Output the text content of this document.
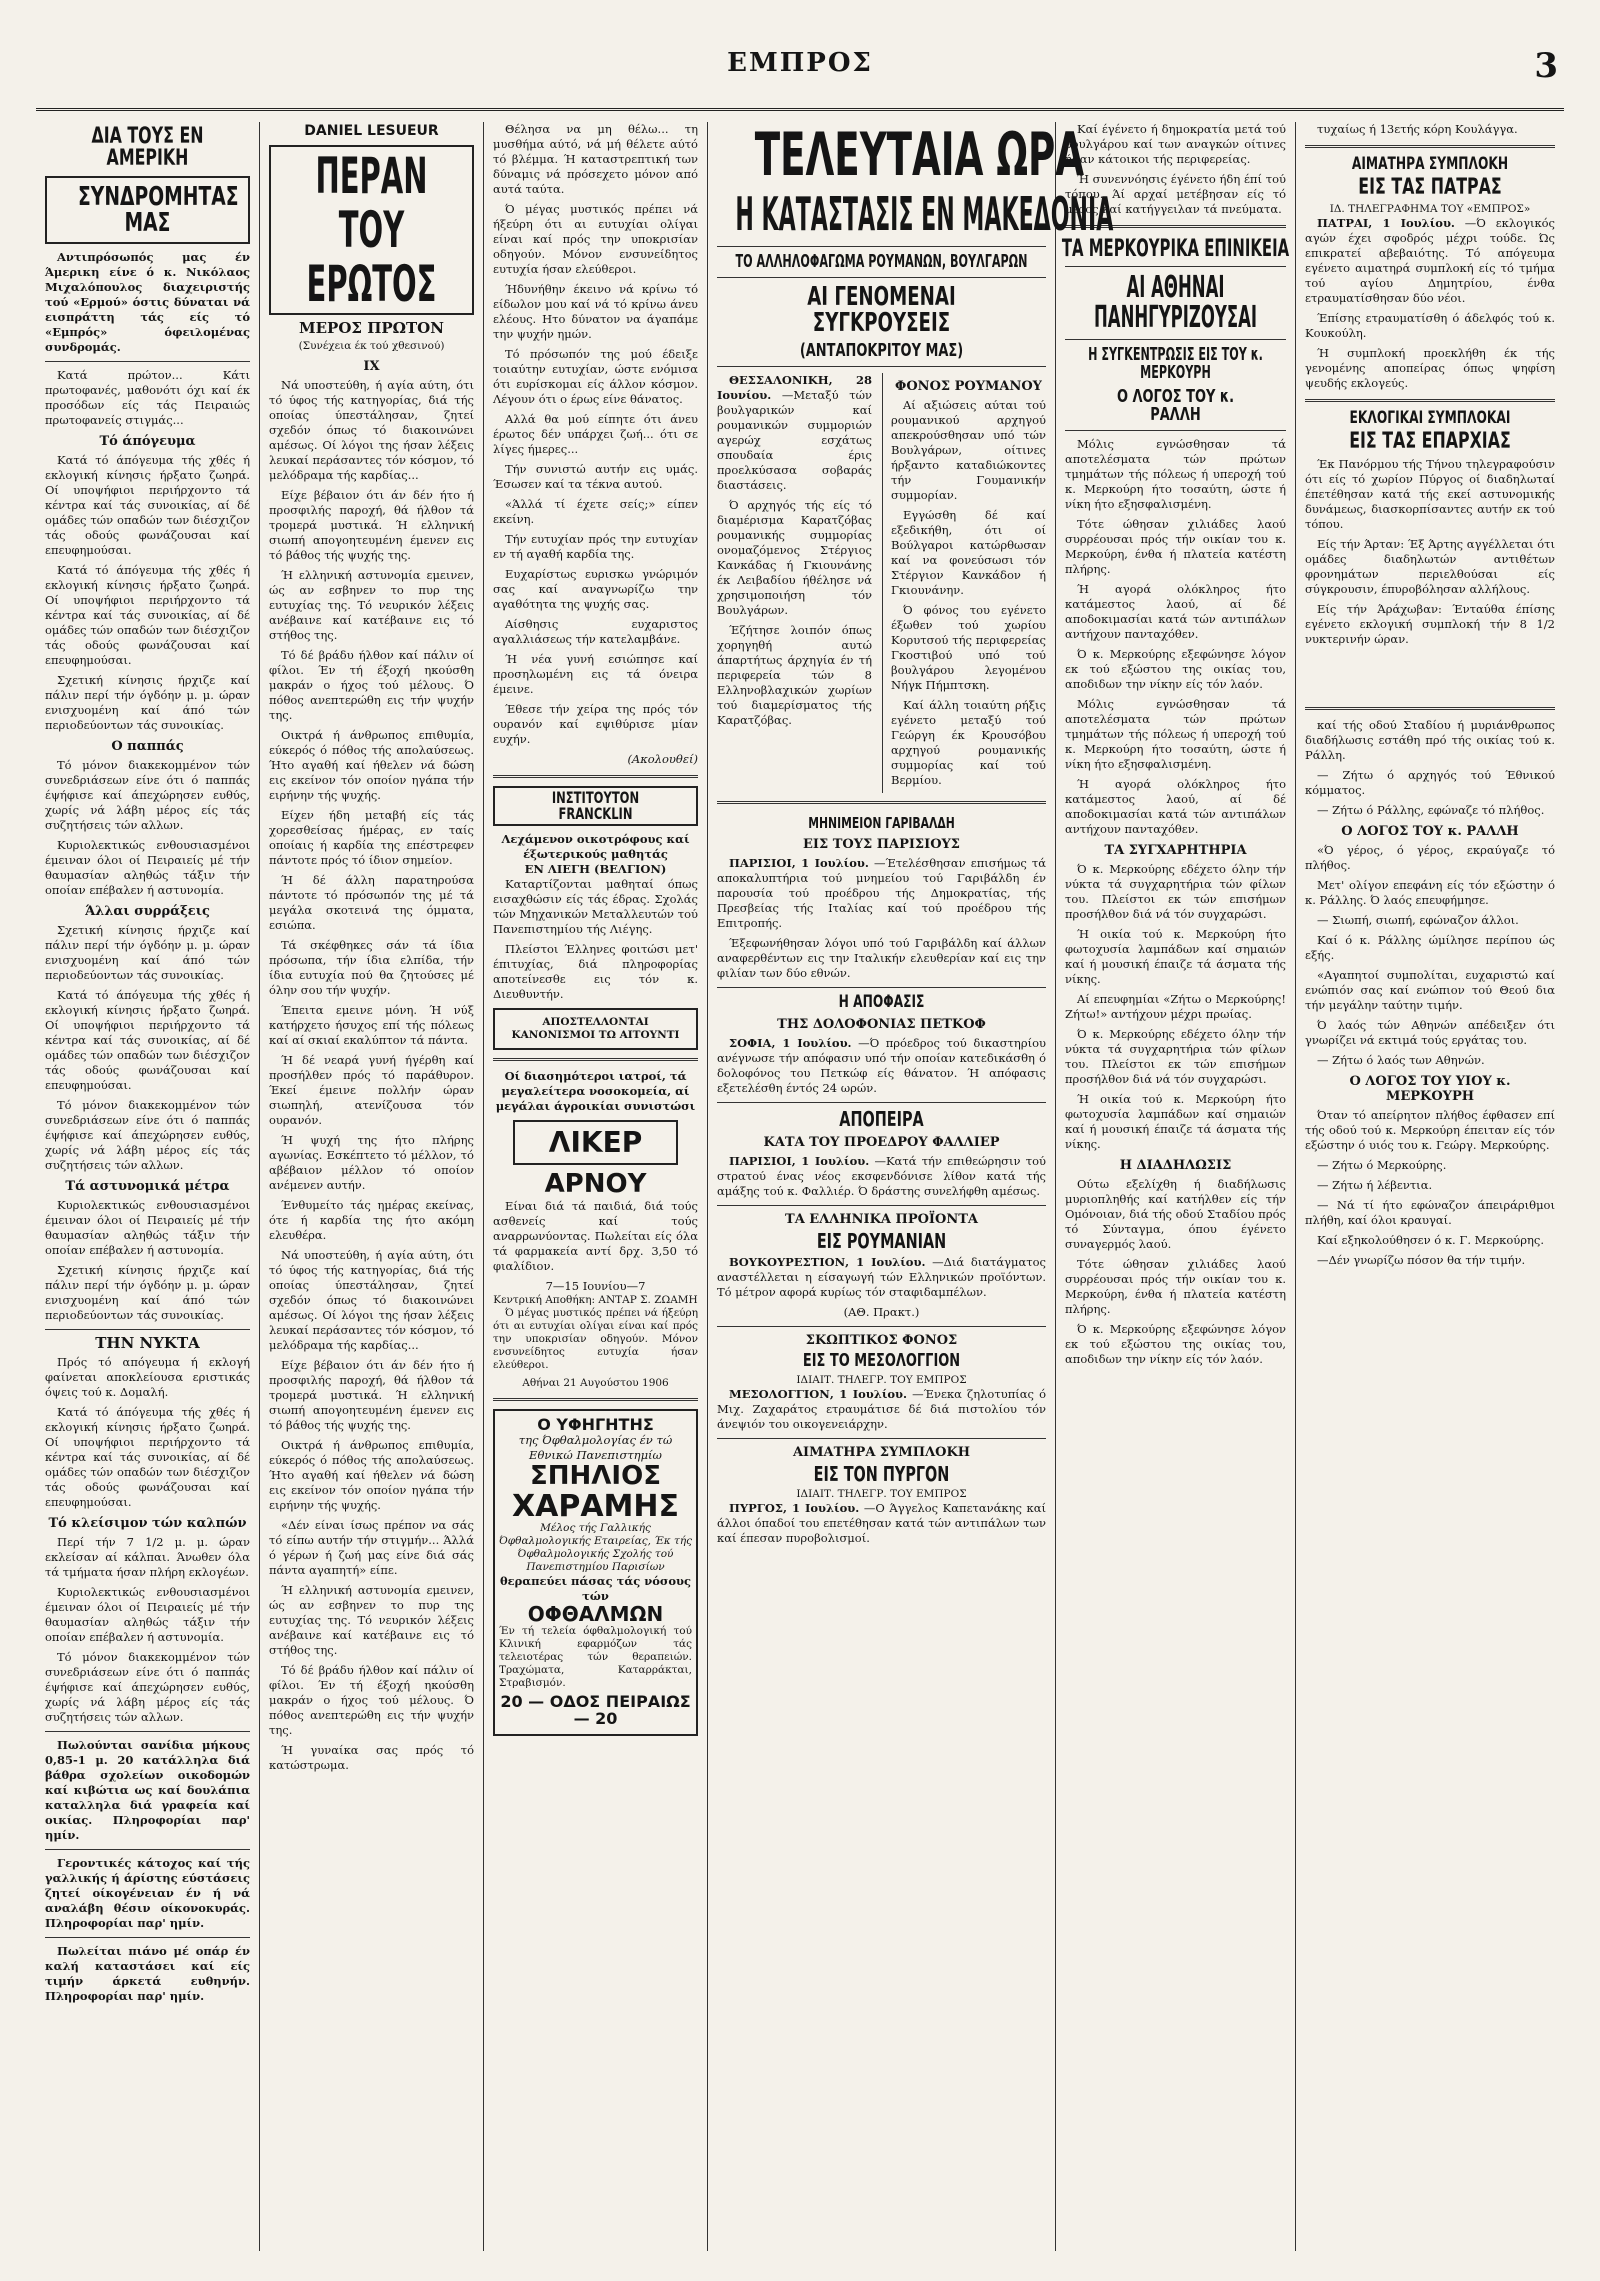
ΕΜΠΡΟΣ	3
ΔΙΑ ΤΟΥΣ ΕΝ ΑΜΕΡΙΚΗ
ΣΥΝΔΡΟΜΗΤΑΣ ΜΑΣ

Αντιπρόσωπός μας έν Άμερικη είνε ό κ. Νικόλαος Μιχαλόπουλος διαχειριστής τού «Ερμού» όστις δύναται νά εισπράττη τάς είς τό «Εμπρός» όφειλομένας συνδρομάς.

Κατά πρώτον... Κάτι πρωτοφανές, μαθονότι όχι καί έκ προσόδων είς τάς Πειραιώς πρωτοφανείς στιγμάς...

Τό άπόγευμα

Κατά τό άπόγευμα τής χθές ή εκλογική κίνησις ήρξατο ζωηρά. Οί υποψήφιοι περιήρχοντο τά κέντρα καί τάς συνοικίας, αί δέ ομάδες τών οπαδών των διέσχιζον τάς οδούς φωνάζουσαι καί επευφημούσαι.

Κατά τό άπόγευμα τής χθές ή εκλογική κίνησις ήρξατο ζωηρά. Οί υποψήφιοι περιήρχοντο τά κέντρα καί τάς συνοικίας, αί δέ ομάδες τών οπαδών των διέσχιζον τάς οδούς φωνάζουσαι καί επευφημούσαι.

Σχετική κίνησις ήρχιζε καί πάλιν περί τήν όγδόην μ. μ. ώραν ενισχυομένη καί άπό τών περιοδεύοντων τάς συνοικίας.

Ο παππάς

Τό μόνον διακεκομμένον τών συνεδριάσεων είνε ότι ό παππάς έψήφισε καί άπεχώρησεν ευθύς, χωρίς νά λάβη μέρος είς τάς συζητήσεις τών αλλων.

Κυριολεκτικώς ενθουσιασμένοι έμειναν όλοι οί Πειραιείς μέ τήν θαυμασίαν αληθώς τάξιν τήν οποίαν επέβαλεν ή αστυνομία.

Άλλαι συρράξεις

Σχετική κίνησις ήρχιζε καί πάλιν περί τήν όγδόην μ. μ. ώραν ενισχυομένη καί άπό τών περιοδεύοντων τάς συνοικίας.

Κατά τό άπόγευμα τής χθές ή εκλογική κίνησις ήρξατο ζωηρά. Οί υποψήφιοι περιήρχοντο τά κέντρα καί τάς συνοικίας, αί δέ ομάδες τών οπαδών των διέσχιζον τάς οδούς φωνάζουσαι καί επευφημούσαι.

Τό μόνον διακεκομμένον τών συνεδριάσεων είνε ότι ό παππάς έψήφισε καί άπεχώρησεν ευθύς, χωρίς νά λάβη μέρος είς τάς συζητήσεις τών αλλων.

Τά αστυνομικά μέτρα

Κυριολεκτικώς ενθουσιασμένοι έμειναν όλοι οί Πειραιείς μέ τήν θαυμασίαν αληθώς τάξιν τήν οποίαν επέβαλεν ή αστυνομία.

Σχετική κίνησις ήρχιζε καί πάλιν περί τήν όγδόην μ. μ. ώραν ενισχυομένη καί άπό τών περιοδεύοντων τάς συνοικίας.

ΤΗΝ ΝΥΚΤΑ

Πρός τό απόγευμα ή εκλογή φαίνεται αποκλείουσα εριστικάς όψεις τού κ. Δομαλή.

Κατά τό άπόγευμα τής χθές ή εκλογική κίνησις ήρξατο ζωηρά. Οί υποψήφιοι περιήρχοντο τά κέντρα καί τάς συνοικίας, αί δέ ομάδες τών οπαδών των διέσχιζον τάς οδούς φωνάζουσαι καί επευφημούσαι.

Τό κλείσιμον τών καλπών

Περί τήν 7 1/2 μ. μ. ώραν εκλείσαν αί κάλπαι. Άνωθεν όλα τά τμήματα ήσαν πλήρη εκλογέων.

Κυριολεκτικώς ενθουσιασμένοι έμειναν όλοι οί Πειραιείς μέ τήν θαυμασίαν αληθώς τάξιν τήν οποίαν επέβαλεν ή αστυνομία.

Τό μόνον διακεκομμένον τών συνεδριάσεων είνε ότι ό παππάς έψήφισε καί άπεχώρησεν ευθύς, χωρίς νά λάβη μέρος είς τάς συζητήσεις τών αλλων.

Πωλούνται σανίδια μήκους 0,85-1 μ. 20 κατάλληλα διά βάθρα σχολείων οικοδομών καί κιβώτια ως καί δουλάπια καταλληλα διά γραφεία καί οικίας. Πληροφορίαι παρ' ημίν.

Γεροντικές κάτοχος καί τής γαλλικής ή άρίστης εύστάσεις ζητεί οίκογένειαν έν ή νά αναλάβη θέσιν οίκονοκυράς. Πληροφορίαι παρ' ημίν.

Πωλείται πιάνο μέ οπάρ έν καλή καταστάσει καί είς τιμήν άρκετά ευθηνήν. Πληροφορίαι παρ' ημίν.

DANIEL LESUEUR
ΠΕΡΑΝ ΤΟΥ ΕΡΩΤΟΣ
ΜΕΡΟΣ ΠΡΩΤΟΝ
(Συνέχεια έκ τού χθεσινού)
IX

Νά υποστεύθη, ή αγία αύτη, ότι τό ύφος τής κατηγορίας, διά τής οποίας ύπεστάλησαν, ζητεί σχεδόν όπως τό διακοινώνει αμέσως. Οί λόγοι της ήσαν λέξεις λευκαί περάσαντες τόν κόσμον, τό μελόδραμα τής καρδίας...

Είχε βέβαιον ότι άν δέν ήτο ή προσφιλής παροχή, θά ήλθον τά τρομερά μυστικά. Ή ελληνική σιωπή απογοητευμένη έμενεν εις τό βάθος τής ψυχής της.

Ή ελληνική αστυνομία εμεινεν, ώς αν εσβηνεν το πυρ της ευτυχίας της. Τό νευρικόν λέξεις ανέβαινε καί κατέβαινε εις τό στήθος της.

Τό δέ βράδυ ήλθον καί πάλιν οί φίλοι. Έν τή έξοχή ηκούσθη μακράν ο ήχος τού μέλους. Ό πόθος ανεπτερώθη εις τήν ψυχήν της.

Οικτρά ή άνθρωπος επιθυμία, εύκερός ό πόθος τής απολαύσεως. Ήτο αγαθή καί ήθελεν νά δώση εις εκείνον τόν οποίον ηγάπα τήν ειρήνην τής ψυχής.

Είχεν ήδη μεταβή είς τάς χορεσθείσας ήμέρας, εν ταίς οποίαις ή καρδία της επέστρεφεν πάντοτε πρός τό ίδιον σημείον.

Ή δέ άλλη παρατηρούσα πάντοτε τό πρόσωπόν της μέ τά μεγάλα σκοτεινά της όμματα, εσιώπα.

Τά σκέφθηκες σάν τά ίδια πρόσωπα, τήν ίδια ελπίδα, τήν ίδια ευτυχία πού θα ζητούσες μέ όλην σου τήν ψυχήν.

Έπειτα εμεινε μόνη. Ή νύξ κατήρχετο ήσυχος επί τής πόλεως καί αί σκιαί εκαλύπτον τά πάντα.

Ή δέ νεαρά γυνή ήγέρθη καί προσήλθεν πρός τό παράθυρον. Έκεί έμεινε πολλήν ώραν σιωπηλή, ατενίζουσα τόν ουρανόν.

Ή ψυχή της ήτο πλήρης αγωνίας. Εσκέπτετο τό μέλλον, τό αβέβαιον μέλλον τό οποίον ανέμενεν αυτήν.

Ένθυμείτο τάς ημέρας εκείνας, ότε ή καρδία της ήτο ακόμη ελευθέρα.

Νά υποστεύθη, ή αγία αύτη, ότι τό ύφος τής κατηγορίας, διά τής οποίας ύπεστάλησαν, ζητεί σχεδόν όπως τό διακοινώνει αμέσως. Οί λόγοι της ήσαν λέξεις λευκαί περάσαντες τόν κόσμον, τό μελόδραμα τής καρδίας...

Είχε βέβαιον ότι άν δέν ήτο ή προσφιλής παροχή, θά ήλθον τά τρομερά μυστικά. Ή ελληνική σιωπή απογοητευμένη έμενεν εις τό βάθος τής ψυχής της.

Οικτρά ή άνθρωπος επιθυμία, εύκερός ό πόθος τής απολαύσεως. Ήτο αγαθή καί ήθελεν νά δώση εις εκείνον τόν οποίον ηγάπα τήν ειρήνην τής ψυχής.

«Δέν είναι ίσως πρέπον να σάς τό είπω αυτήν τήν στιγμήν... Άλλά ό γέρων ή ζωή μας είνε διά σάς πάντα αγαπητή» είπε.

Ή ελληνική αστυνομία εμεινεν, ώς αν εσβηνεν το πυρ της ευτυχίας της. Τό νευρικόν λέξεις ανέβαινε καί κατέβαινε εις τό στήθος της.

Τό δέ βράδυ ήλθον καί πάλιν οί φίλοι. Έν τή έξοχή ηκούσθη μακράν ο ήχος τού μέλους. Ό πόθος ανεπτερώθη εις τήν ψυχήν της.

Ή γυναίκα σας πρός τό κατώστρωμα.

Θέλησα να μη θέλω... τη μυσθήμα αύτό, νά μή θέλετε αύτό τό βλέμμα. Ή καταστρεπτική των δύναμις νά πρόσεχετο μόνον από αυτά ταύτα.

Ό μέγας μυστικός πρέπει νά ήξεύρη ότι αι ευτυχίαι ολίγαι είναι καί πρός την υποκρισίαν οδηγούν. Μόνον ενσυνείδητος ευτυχία ήσαν ελεύθεροι.

Ήδυνήθην έκεινο νά κρίνω τό είδωλον μου καί νά τό κρίνω άνευ ελέους. Ητο δύνατον να άγαπάμε την ψυχήν ημών.

Τό πρόσωπόν της μού έδειξε τοιαύτην ευτυχίαν, ώστε ενόμισα ότι ευρίσκομαι είς άλλον κόσμον. Λέγουν ότι ο έρως είνε θάνατος.

Αλλά θα μού είπητε ότι άνευ έρωτος δέν υπάρχει ζωή... ότι σε λίγες ήμερες...

Τήν συνιστώ αυτήν εις υμάς. Έσωσεν καί τα τέκνα αυτού.

«Άλλά τί έχετε σείς;» είπεν εκείνη.

Τήν ευτυχίαν πρός την ευτυχίαν εν τή αγαθή καρδία της.

Ευχαρίστως ευρισκω γνώριμόν σας καί αναγνωρίζω την αγαθότητα της ψυχής σας.

Αίσθησις ευχαριστος αγαλλιάσεως τήν κατελαμβάνε.

Ή νέα γυνή εσιώπησε καί προσηλωμένη εις τά όνειρα έμεινε.

Έθεσε τήν χείρα της πρός τόν ουρανόν καί εψιθύρισε μίαν ευχήν.

(Ακολουθεί)
ΙΝΣΤΙΤΟΥΤΟΝ FRANCKLIN
Λεχάμενον οικοτρόφους καί έξωτερικούς μαθητάς
ΕΝ ΛΙΕΓΗ (ΒΕΛΓΙΟΝ)

Καταρτίζονται μαθηταί όπως εισαχθώσιν είς τάς έδρας. Σχολάς τών Μηχανικών Μεταλλευτών τού Πανεπιστημίου τής Λιέγης.

Πλείστοι Έλληνες φοιτώσι μετ' έπιτυχίας, διά πληροφορίας αποτείνεσθε εις τόν κ. Διευθυντήν.

ΑΠΟΣΤΕΛΛΟΝΤΑΙ ΚΑΝΟΝΙΣΜΟΙ ΤΩ ΑΙΤΟΥΝΤΙ
Οί διασημότεροι ιατροί, τά μεγαλείτερα νοσοκομεία, αί μεγάλαι άγροικίαι συνιστώσι
ΛΙΚΕΡ
ΑΡΝΟΥ

Είναι διά τά παιδιά, διά τούς ασθενείς καί τούς αναρρωνύοντας. Πωλείται είς όλα τά φαρμακεία αντί δρχ. 3,50 τό φιαλίδιον.

7—15 Ιουνίου—7
Κεντρική Αποθήκη: ΑΝΤΑΡ Σ. ΖΩΑΜΗ

Ό μέγας μυστικός πρέπει νά ήξεύρη ότι αι ευτυχίαι ολίγαι είναι καί πρός την υποκρισίαν οδηγούν. Μόνον ενσυνείδητος ευτυχία ήσαν ελεύθεροι.

Αθήναι 21 Αυγούστου 1906
Ο ΥΦΗΓΗΤΗΣ
της Όφθαλμολογίας έν τώ Εθνικώ Πανεπιστημίω
ΣΠΗΛΙΟΣ
ΧΑΡΑΜΗΣ
Μέλος τής Γαλλικής Όφθαλμολογικής Εταιρείας, Έκ τής Όφθαλμολογικής Σχολής τού Πανεπιστημίου Παρισίων
θεραπεύει πάσας τάς νόσους τών
ΟΦΘΑΛΜΩΝ
Έν τή τελεία όφθαλμολογική τού Κλινική εφαρμόζων τάς τελειοτέρας τών θεραπειών. Τραχώματα, Καταρράκται, Στραβισμόν.
20 — ΟΔΟΣ ΠΕΙΡΑΙΩΣ — 20
ΤΕΛΕΥΤΑΙΑ ΩΡΑ
Η ΚΑΤΑΣΤΑΣΙΣ ΕΝ ΜΑΚΕΔΟΝΙΑ
ΤΟ ΑΛΛΗΛΟΦΑΓΩΜΑ ΡΟΥΜΑΝΩΝ, ΒΟΥΛΓΑΡΩΝ
ΑΙ ΓΕΝΟΜΕΝΑΙ ΣΥΓΚΡΟΥΣΕΙΣ
(ΑΝΤΑΠΟΚΡΙΤΟΥ ΜΑΣ)

ΘΕΣΣΑΛΟΝΙΚΗ, 28 Ιουνίου. —Μεταξύ τών βουλγαρικών καί ρουμανικών συμμοριών αγερώχ εσχάτως σπουδαία έρις προελκύσασα σοβαράς διαστάσεις.

Ό αρχηγός τής είς τό διαμέρισμα Καρατζόβας ρουμανικής συμμορίας ονομαζόμενος Στέργιος Κανκάδας ή Γκιουνάνης έκ Λειβαδίου ήθέλησε νά χρησιμοποιήση τόν Βουλγάρων.

Έζήτησε λοιπόν όπως χορηγηθή αυτώ άπαρτήτως άρχηγία έν τή περιφερεία τών 8 Ελληνοβλαχικών χωρίων τού διαμερίσματος τής Καρατζόβας.

ΦΟΝΟΣ ΡΟΥΜΑΝΟΥ

Αί αξιώσεις αύται τού ρουμανικού αρχηγού απεκρούσθησαν υπό τών Βουλγάρων, οίτινες ήρξαντο καταδιώκοντες τήν Γουμανικήν συμμορίαν.

Εγγώσθη δέ καί εξεδικήθη, ότι οί Βούλγαροι κατώρθωσαν καί να φονεύσωσι τόν Στέργιον Κανκάδον ή Γκιουνάνην.

Ό φόνος του εγένετο έξωθεν τού χωρίου Κορυτσού τής περιφερείας Γκοστιβού υπό τού βουλγάρου λεγομένου Νήγκ Πήμπτσκη.

Καί άλλη τοιαύτη ρήξις εγένετο μεταξύ τού Γεώργη έκ Κρουσόβου αρχηγού ρουμανικής συμμορίας καί τού Βερμίου.

ΜΗΝΙΜΕΙΟΝ ΓΑΡΙΒΑΛΔΗ
ΕΙΣ ΤΟΥΣ ΠΑΡΙΣΙΟΥΣ

ΠΑΡΙΣΙΟΙ, 1 Ιουλίου. —Έτελέσθησαν επισήμως τά αποκαλυπτήρια τού μνημείου τού Γαριβάλδη έν παρουσία τού προέδρου τής Δημοκρατίας, τής Πρεσβείας τής Ιταλίας καί τού προέδρου τής Επιτροπής.

Έξεφωνήθησαν λόγοι υπό τού Γαριβάλδη καί άλλων αναφερθέντων εις την Ιταλικήν ελευθερίαν καί εις την φιλίαν των δύο εθνών.

Η ΑΠΟΦΑΣΙΣ
ΤΗΣ ΔΟΛΟΦΟΝΙΑΣ ΠΕΤΚΟΦ

ΣΟΦΙΑ, 1 Ιουλίου. —Ό πρόεδρος τού δικαστηρίου ανέγνωσε τήν απόφασιν υπό τήν οποίαν κατεδικάσθη ό δολοφόνος του Πετκώφ είς θάνατον. Ή απόφασις εξετελέσθη έντός 24 ωρών.

ΑΠΟΠΕΙΡΑ
ΚΑΤΑ ΤΟΥ ΠΡΟΕΔΡΟΥ ΦΑΛΛΙΕΡ

ΠΑΡΙΣΙΟΙ, 1 Ιουλίου. —Κατά τήν επιθεώρησιν τού στρατού ένας νέος εκσφενδόνισε λίθον κατά τής αμάξης τού κ. Φαλλιέρ. Ό δράστης συνελήφθη αμέσως.

ΤΑ ΕΛΛΗΝΙΚΑ ΠΡΟΪΟΝΤΑ
ΕΙΣ ΡΟΥΜΑΝΙΑΝ

ΒΟΥΚΟΥΡΕΣΤΙΟΝ, 1 Ιουλίου. —Διά διατάγματος αναστέλλεται η είσαγωγή τών Ελληνικών προϊόντων. Τό μέτρον αφορά κυρίως τόν σταφιδαμπέλων.

(ΑΘ. Πρακτ.)
ΣΚΩΠΤΙΚΟΣ ΦΟΝΟΣ
ΕΙΣ ΤΟ ΜΕΣΟΛΟΓΓΙΟΝ
ΙΔΙΑΙΤ. ΤΗΛΕΓΡ. ΤΟΥ ΕΜΠΡΟΣ

ΜΕΣΟΛΟΓΓΙΟΝ, 1 Ιουλίου. —Ένεκα ζηλοτυπίας ό Μιχ. Ζαχαράτος ετραυμάτισε δέ διά πιστολίου τόν άνεψιόν του οικογενειάρχην.

ΑΙΜΑΤΗΡΑ ΣΥΜΠΛΟΚΗ
ΕΙΣ ΤΟΝ ΠΥΡΓΟΝ
ΙΔΙΑΙΤ. ΤΗΛΕΓΡ. ΤΟΥ ΕΜΠΡΟΣ

ΠΥΡΓΟΣ, 1 Ιουλίου. —Ο Άγγελος Καπετανάκης καί άλλοι όπαδοί του επετέθησαν κατά τών αντιπάλων των καί έπεσαν πυροβολισμοί.

Καί έγένετο ή δημοκρατία μετά τού βουλγάρου καί των αναγκών οίτινες ήσαν κάτοικοι τής περιφερείας.

Ή συνεννόησις έγένετο ήδη έπί τού τόπου. Άί αρχαί μετέβησαν είς τό μέρος καί κατήγγειλαν τά πνεύματα.

ΤΑ ΜΕΡΚΟΥΡΙΚΑ ΕΠΙΝΙΚΕΙΑ
ΑΙ ΑΘΗΝΑΙ ΠΑΝΗΓΥΡΙΖΟΥΣΑΙ
Η ΣΥΓΚΕΝΤΡΩΣΙΣ ΕΙΣ ΤΟΥ κ. ΜΕΡΚΟΥΡΗ
Ο ΛΟΓΟΣ ΤΟΥ κ. ΡΑΛΛΗ

Μόλις εγνώσθησαν τά αποτελέσματα τών πρώτων τμημάτων τής πόλεως ή υπεροχή τού κ. Μερκούρη ήτο τοσαύτη, ώστε ή νίκη ήτο εξησφαλισμένη.

Τότε ώθησαν χιλιάδες λαού συρρέουσαι πρός τήν οικίαν του κ. Μερκούρη, ένθα ή πλατεία κατέστη πλήρης.

Ή αγορά ολόκληρος ήτο κατάμεστος λαού, αί δέ αποδοκιμασίαι κατά τών αντιπάλων αντήχουν πανταχόθεν.

Ό κ. Μερκούρης εξεφώνησε λόγον εκ τού εξώστου της οικίας του, αποδιδων την νίκην είς τόν λαόν.

Μόλις εγνώσθησαν τά αποτελέσματα τών πρώτων τμημάτων τής πόλεως ή υπεροχή τού κ. Μερκούρη ήτο τοσαύτη, ώστε ή νίκη ήτο εξησφαλισμένη.

Ή αγορά ολόκληρος ήτο κατάμεστος λαού, αί δέ αποδοκιμασίαι κατά τών αντιπάλων αντήχουν πανταχόθεν.

ΤΑ ΣΥΓΧΑΡΗΤΗΡΙΑ

Ό κ. Μερκούρης εδέχετο όλην τήν νύκτα τά συγχαρητήρια τών φίλων του. Πλείστοι εκ τών επισήμων προσήλθον διά νά τόν συγχαρώσι.

Ή οικία τού κ. Μερκούρη ήτο φωτοχυσία λαμπάδων καί σημαιών καί ή μουσική έπαιζε τά άσματα τής νίκης.

Αί επευφημίαι «Ζήτω ο Μερκούρης! Ζήτω!» αντήχουν μέχρι πρωίας.

Ό κ. Μερκούρης εδέχετο όλην τήν νύκτα τά συγχαρητήρια τών φίλων του. Πλείστοι εκ τών επισήμων προσήλθον διά νά τόν συγχαρώσι.

Ή οικία τού κ. Μερκούρη ήτο φωτοχυσία λαμπάδων καί σημαιών καί ή μουσική έπαιζε τά άσματα τής νίκης.

Η ΔΙΑΔΗΛΩΣΙΣ

Ούτω εξελίχθη ή διαδήλωσις μυριοπληθής καί κατήλθεν είς τήν Ομόνοιαν, διά τής οδού Σταδίου πρός τό Σύνταγμα, όπου έγένετο συναγερμός λαού.

Τότε ώθησαν χιλιάδες λαού συρρέουσαι πρός τήν οικίαν του κ. Μερκούρη, ένθα ή πλατεία κατέστη πλήρης.

Ό κ. Μερκούρης εξεφώνησε λόγον εκ τού εξώστου της οικίας του, αποδιδων την νίκην είς τόν λαόν.

τυχαίως ή 13ετής κόρη Κουλάγγα.

ΑΙΜΑΤΗΡΑ ΣΥΜΠΛΟΚΗ
ΕΙΣ ΤΑΣ ΠΑΤΡΑΣ
ΙΔ. ΤΗΛΕΓΡΑΦΗΜΑ ΤΟΥ «ΕΜΠΡΟΣ»

ΠΑΤΡΑΙ, 1 Ιουλίου. —Ό εκλογικός αγών έχει σφοδρός μέχρι τούδε. Ώς επικρατεί αβεβαιότης. Τό απόγευμα εγένετο αιματηρά συμπλοκή είς τό τμήμα τού αγίου Δημητρίου, ένθα ετραυματίσθησαν δύο νέοι.

Έπίσης ετραυματίσθη ό άδελφός τού κ. Κουκούλη.

Ή συμπλοκή προεκλήθη έκ τής γενομένης αποπείρας όπως ψηφίση ψευδής εκλογεύς.

ΕΚΛΟΓΙΚΑΙ ΣΥΜΠΛΟΚΑΙ
ΕΙΣ ΤΑΣ ΕΠΑΡΧΙΑΣ

Έκ Πανόρμου τής Τήνου τηλεγραφούσιν ότι είς τό χωρίον Πύργος οί διαδηλωταί έπετέθησαν κατά τής εκεί αστυνομικής δυνάμεως, διασκορπίσαντες αυτήν εκ τού τόπου.

Είς τήν Άρταν: Έξ Άρτης αγγέλλεται ότι ομάδες διαδηλωτών αντιθέτων φρονημάτων περιελθούσαι είς σύγκρουσιν, έπυροβόλησαν αλλήλους.

Είς τήν Άράχωβαν: Ένταύθα έπίσης εγένετο εκλογική συμπλοκή τήν 8 1/2 νυκτερινήν ώραν.

καί τής οδού Σταδίου ή μυριάνθρωπος διαδήλωσις εστάθη πρό τής οικίας τού κ. Ράλλη.

— Ζήτω ό αρχηγός τού Έθνικού κόμματος.

— Ζήτω ό Ράλλης, εφώναζε τό πλήθος.

Ο ΛΟΓΟΣ ΤΟΥ κ. ΡΑΛΛΗ

«Ό γέρος, ό γέρος, εκραύγαζε τό πλήθος.

Μετ' ολίγον επεφάνη είς τόν εξώστην ό κ. Ράλλης. Ό λαός επευφήμησε.

— Σιωπή, σιωπή, εφώναζον άλλοι.

Καί ό κ. Ράλλης ώμίλησε περίπου ώς εξής.

«Αγαπητοί συμπολίται, ευχαριστώ καί ενώπιόν σας καί ενώπιον τού Θεού δια τήν μεγάλην ταύτην τιμήν.

Ό λαός τών Αθηνών απέδειξεν ότι γνωρίζει νά εκτιμά τούς εργάτας του.

— Ζήτω ό λαός των Αθηνών.

Ο ΛΟΓΟΣ ΤΟΥ ΥΙΟΥ κ. ΜΕΡΚΟΥΡΗ

Όταν τό απείρητον πλήθος έφθασεν επί τής οδού τού κ. Μερκούρη έπειταν είς τόν εξώστην ό υιός του κ. Γεώργ. Μερκούρης.

— Ζήτω ό Μερκούρης.

— Ζήτω ή λέβεντια.

— Νά τί ήτο εφώναζον άπειράριθμοι πλήθη, καί όλοι κραυγαί.

Καί εξηκολούθησεν ό κ. Γ. Μερκούρης.

—Δέν γνωρίζω πόσον θα τήν τιμήν.
